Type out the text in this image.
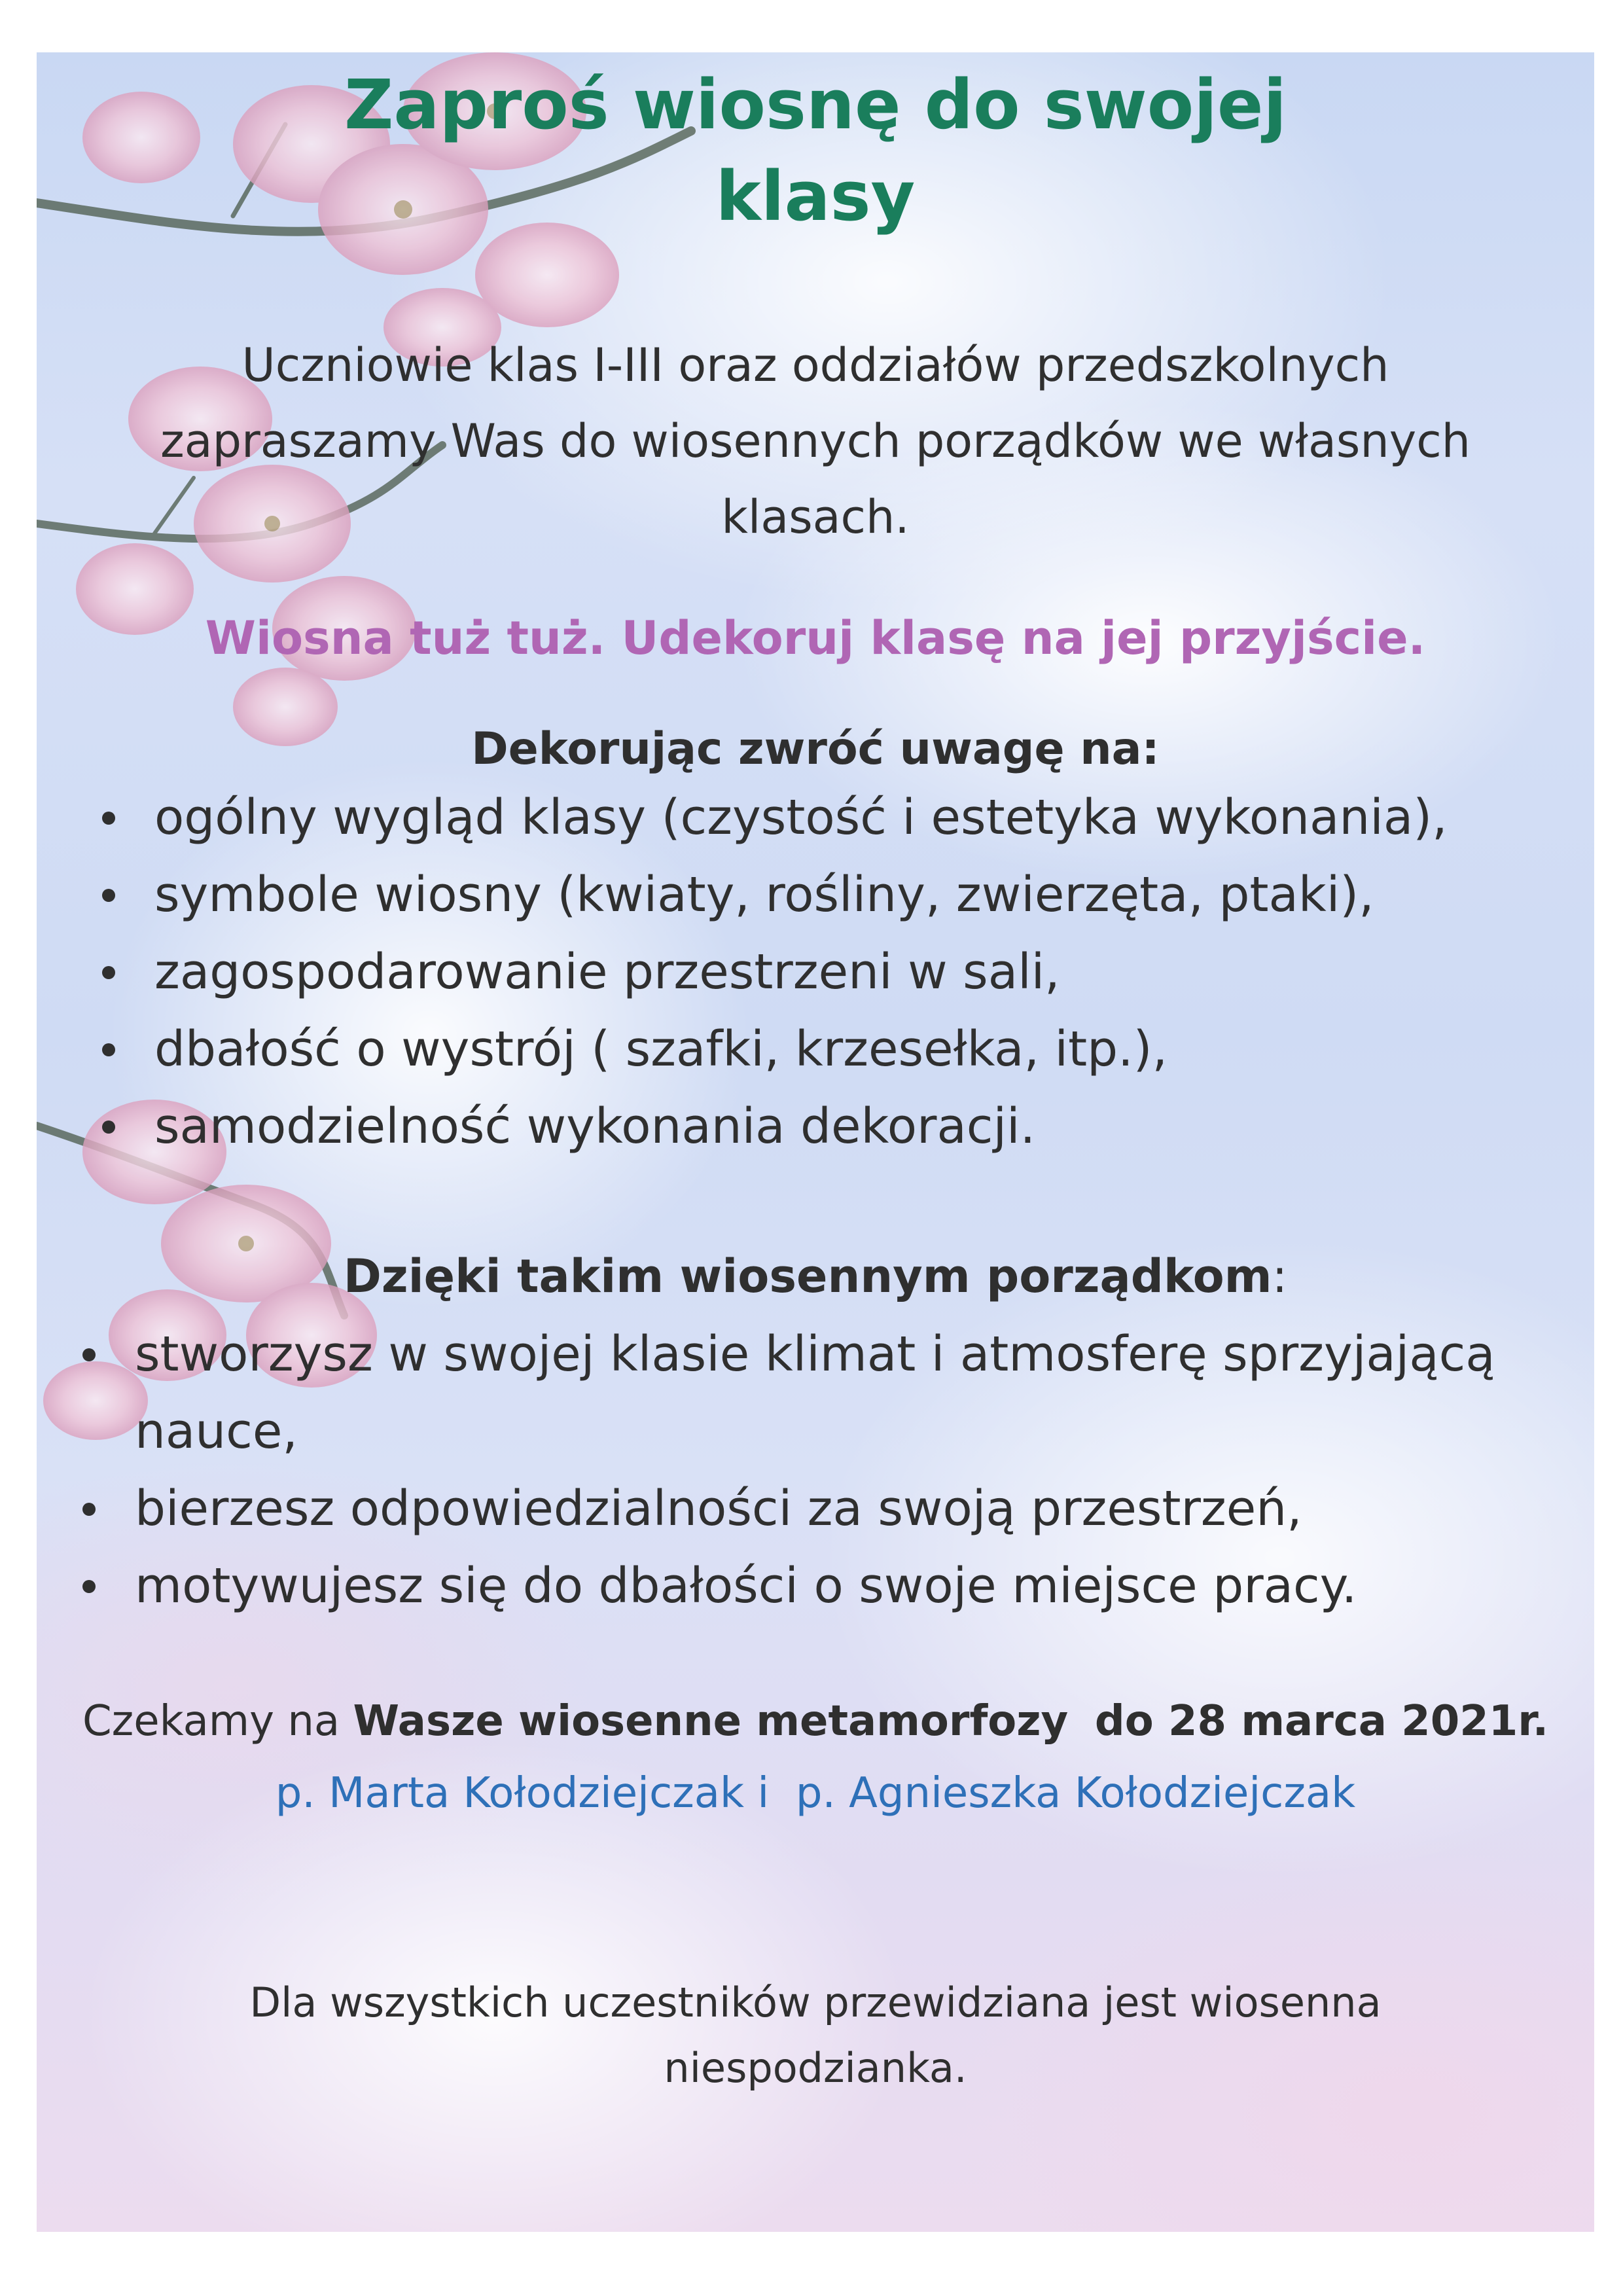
Zaproś wiosnę do swojej
klasy

Uczniowie klas I-III oraz oddziałów przedszkolnych
zapraszamy Was do wiosennych porządków we własnych
klasach.

Wiosna tuż tuż. Udekoruj klasę na jej przyjście.

Dekorując zwróć uwagę na:

ogólny wygląd klasy (czystość i estetyka wykonania),
symbole wiosny (kwiaty, rośliny, zwierzęta, ptaki),
zagospodarowanie przestrzeni w sali,
dbałość o wystrój ( szafki, krzesełka, itp.),
samodzielność wykonania dekoracji.

Dzięki takim wiosennym porządkom:

stworzysz w swojej klasie klimat i atmosferę sprzyjającą nauce,
bierzesz odpowiedzialności za swoją przestrzeń,
motywujesz się do dbałości o swoje miejsce pracy.

Czekamy na Wasze wiosenne metamorfozy do 28 marca 2021r.

p. Marta Kołodziejczak i p. Agnieszka Kołodziejczak

Dla wszystkich uczestników przewidziana jest wiosenna
niespodzianka.
